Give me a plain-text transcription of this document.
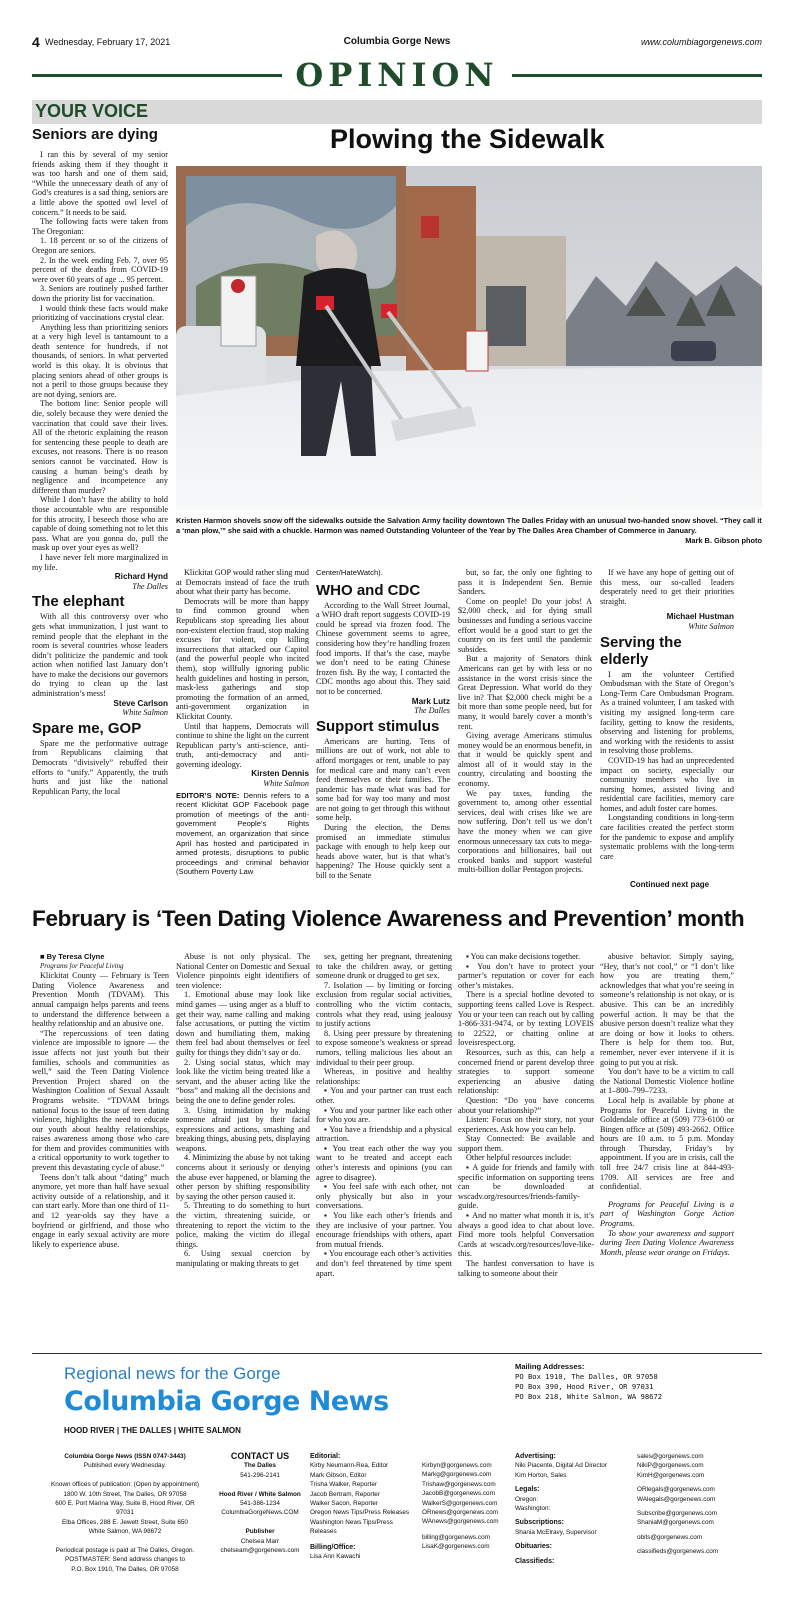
4 Wednesday, February 17, 2021	Columbia Gorge News	www.columbiagorgenews.com
OPINION
YOUR VOICE
Seniors are dying

I ran this by several of my senior friends asking them if they thought it was too harsh and one of them said, “While the unnecessary death of any of God’s creatures is a sad thing, seniors are a little above the spotted owl level of concern.” It needs to be said.

The following facts were taken from The Oregonian:

1. 18 percent or so of the citizens of Oregon are seniors.

2. In the week ending Feb. 7, over 95 percent of the deaths from COVID-19 were over 60 years of age ... 95 percent.

3. Seniors are routinely pushed farther down the priority list for vaccination.

I would think these facts would make prioritizing of vaccinations crystal clear.

Anything less than prioritizing seniors at a very high level is tantamount to a death sentence for hundreds, if not thousands, of seniors. In what perverted world is this okay. It is obvious that placing seniors ahead of other groups is not a peril to those groups because they are not dying, seniors are.

The bottom line: Senior people will die, solely because they were denied the vaccination that could save their lives. All of the rhetoric explaining the reason for sentencing these people to death are excuses, not reasons. There is no reason seniors cannot be vaccinated. How is causing a human being’s death by negligence and incompetence any different than murder?

While I don’t have the ability to hold those accountable who are responsible for this atrocity, I beseech those who are capable of doing something not to let this pass. What are you gonna do, pull the mask up over your eyes as well?

I have never felt more marginalized in my life.

Richard Hynd

The Dalles

The elephant

With all this controversy over who gets what immunization, I just want to remind people that the elephant in the room is several countries whose leaders didn’t politicize the pandemic and took action when notified last January don’t have to make the decisions our governors do trying to clean up the last administration’s mess!

Steve Carlson

White Salmon

Spare me, GOP

Spare me the performative outrage from Republicans claiming that Democrats “divisively” rebuffed their efforts to “unify.” Apparently, the truth hurts and just like the national Republican Party, the local

Plowing the Sidewalk
Kristen Harmon shovels snow off the sidewalks outside the Salvation Army facility downtown The Dalles Friday with an unusual two-handed snow shovel. “They call it a ‘man plow,’” she said with a chuckle. Harmon was named Outstanding Volunteer of the Year by The Dalles Area Chamber of Commerce in January.
Mark B. Gibson photo

Klickitat GOP would rather sling mud at Democrats instead of face the truth about what their party has become.

Democrats will be more than happy to find common ground when Republicans stop spreading lies about non-existent election fraud, stop making excuses for violent, cop killing insurrections that attacked our Capitol (and the powerful people who incited them), stop willfully ignoring public health guidelines and hosting in person, mask-less gatherings and stop promoting the formation of an armed, anti-government organization in Klickitat County.

Until that happens, Democrats will continue to shine the light on the current Republican party’s anti-science, anti-truth, anti-democracy and anti-governing ideology.

Kirsten Dennis

White Salmon

EDITOR’S NOTE: Dennis refers to a recent Klickitat GOP Facebook page promotion of meetings of the anti-government People’s Rights movement, an organization that since April has hosted and participated in armed protests, disruptions to public proceedings and criminal behavior (Southern Poverty Law

Center/HateWatch).

WHO and CDC

According to the Wall Street Journal, a WHO draft report suggests COVID-19 could be spread via frozen food. The Chinese government seems to agree, considering how they’re handling frozen food imports. If that’s the case, maybe we don’t need to be eating Chinese frozen fish. By the way, I contacted the CDC months ago about this. They said not to be concerned.

Mark Lutz

The Dalles

Support stimulus

Americans are hurting. Tens of millions are out of work, not able to afford mortgages or rent, unable to pay for medical care and many can’t even feed themselves or their families. The pandemic has made what was bad for some bad for way too many and most are not going to get through this without some help.

During the election, the Dems promised an immediate stimulus package with enough to help keep our heads above water, but is that what’s happening? The House quickly sent a bill to the Senate

but, so far, the only one fighting to pass it is Independent Sen. Bernie Sanders.

Come on people! Do your jobs! A $2,000 check, aid for dying small businesses and funding a serious vaccine effort would be a good start to get the country on its feet until the pandemic subsides.

But a majority of Senators think Americans can get by with less or no assistance in the worst crisis since the Great Depression. What world do they live in? That $2,000 check might be a bit more than some people need, but for many, it would barely cover a month’s rent.

Giving average Americans stimulus money would be an enormous benefit, in that it would be quickly spent and almost all of it would stay in the country, circulating and boosting the economy.

We pay taxes, funding the government to, among other essential services, deal with crises like we are now suffering. Don’t tell us we don’t have the money when we can give enormous unnecessary tax cuts to mega-corporations and billionaires, bail out crooked banks and support wasteful multi-billion dollar Pentagon projects.

If we have any hope of getting out of this mess, our so-called leaders desperately need to get their priorities straight.

Michael Hustman

White Salmon

Serving the elderly

I am the volunteer Certified Ombudsman with the State of Oregon’s Long-Term Care Ombudsman Program. As a trained volunteer, I am tasked with visiting my assigned long-term care facility, getting to know the residents, observing and listening for problems, and working with the residents to assist in resolving those problems.

COVID-19 has had an unprecedented impact on society, especially our community members who live in nursing homes, assisted living and residential care facilities, memory care homes, and adult foster care homes.

Longstanding conditions in long-term care facilities created the perfect storm for the pandemic to expose and amplify systematic problems with the long-term care

Continued next page
February is ‘Teen Dating Violence Awareness and Prevention’ month

■ By Teresa Clyne

Programs for Peaceful Living

Klickitat County — February is Teen Dating Violence Awareness and Prevention Month (TDVAM). This annual campaign helps parents and teens to understand the difference between a healthy relationship and an abusive one.

“The repercussions of teen dating violence are impossible to ignore — the issue affects not just youth but their families, schools and communities as well,” said the Teen Dating Violence Prevention Project shared on the Washington Coalition of Sexual Assault Programs website. “TDVAM brings national focus to the issue of teen dating violence, highlights the need to educate our youth about healthy relationships, raises awareness among those who care for them and provides communities with a critical opportunity to work together to prevent this devastating cycle of abuse.”

Teens don’t talk about “dating” much anymore, yet more than half have sexual activity outside of a relationship, and it can start early. More than one third of 11- and 12 year-olds say they have a boyfriend or girlfriend, and those who engage in early sexual activity are more likely to experience abuse.

Abuse is not only physical. The National Center on Domestic and Sexual Violence pinpoints eight identifiers of teen violence:

1. Emotional abuse may look like mind games — using anger as a bluff to get their way, name calling and making false accusations, or putting the victim down and humiliating them, making them feel bad about themselves or feel guilty for things they didn’t say or do.

2. Using social status, which may look like the victim being treated like a servant, and the abuser acting like the “boss” and making all the decisions and being the one to define gender roles.

3. Using intimidation by making someone afraid just by their facial expressions and actions, smashing and breaking things, abusing pets, displaying weapons.

4. Minimizing the abuse by not taking concerns about it seriously or denying the abuse ever happened, or blaming the other person by shifting responsibility by saying the other person caused it.

5. Threating to do something to hurt the victim, threatening suicide, or threatening to report the victim to the police, making the victim do illegal things.

6. Using sexual coercion by manipulating or making threats to get

sex, getting her pregnant, threatening to take the children away, or getting someone drunk or drugged to get sex.

7. Isolation — by limiting or forcing exclusion from regular social activities, controlling who the victim contacts, controls what they read, using jealousy to justify actions

8. Using peer pressure by threatening to expose someone’s weakness or spread rumors, telling malicious lies about an individual to their peer group.

Whereas, in positive and healthy relationships:

▪ You and your partner can trust each other.

▪ You and your partner like each other for who you are.

▪ You have a friendship and a physical attraction.

▪ You treat each other the way you want to be treated and accept each other’s interests and opinions (you can agree to disagree).

▪ You feel safe with each other, not only physically but also in your conversations.

▪ You like each other’s friends and they are inclusive of your partner. You encourage friendships with others, apart from mutual friends.

▪ You encourage each other’s activities and don’t feel threatened by time spent apart.

▪ You can make decisions together.

▪ You don’t have to protect your partner’s reputation or cover for each other’s mistakes.

There is a special hotline devoted to supporting teens called Love is Respect. You or your teen can reach out by calling 1-866-331-9474, or by texting LOVEIS to 22522, or chatting online at loveisrespect.org.

Resources, such as this, can help a concerned friend or parent develop three strategies to support someone experiencing an abusive dating relationship:

Question: “Do you have concerns about your relationship?”

Listen: Focus on their story, not your experiences. Ask how you can help.

Stay Connected: Be available and support them.

Other helpful resources include:

▪ A guide for friends and family with specific information on supporting teens can be downloaded at wscadv.org/resources/friends-family-guide.

▪ And no matter what month it is, it’s always a good idea to chat about love. Find more tools helpful Conversation Cards at wscadv.org/resources/love-like-this.

The hardest conversation to have is talking to someone about their

abusive behavior. Simply saying, “Hey, that’s not cool,” or “I don’t like how you are treating them,” acknowledges that what you’re seeing in someone’s relationship is not okay, or is abusive. This can be an incredibly powerful action. It may be that the abusive person doesn’t realize what they are doing or how it looks to others. There is help for them too. But, remember, never ever intervene if it is going to put you at risk.

You don’t have to be a victim to call the National Domestic Violence hotline at 1–800–799–7233.

Local help is available by phone at Programs for Peaceful Living in the Goldendale office at (509) 773-6100 or Bingen office at (509) 493-2662. Office hours are 10 a.m. to 5 p.m. Monday through Thursday, Friday’s by appointment. If you are in crisis, call the toll free 24/7 crisis line at 844-493-1709. All services are free and confidential.

Programs for Peaceful Living is a part of Washington Gorge Action Programs.

To show your awareness and support during Teen Dating Violence Awareness Month, please wear orange on Fridays.

Regional news for the Gorge
Columbia Gorge News
HOOD RIVER | THE DALLES | WHITE SALMON
Mailing Addresses:
PO Box 1910, The Dalles, OR 97058
PO Box 390, Hood River, OR 97031
PO Box 218, White Salmon, WA 98672
Columbia Gorge News (ISSN 0747-3443)
Published every Wednesday.

Known offices of publication: (Open by appointment)
1800 W. 10th Street, The Dalles, OR 97058
600 E. Port Marina Way, Suite B, Hood River, OR 97031
Elba Offices, 288 E. Jewett Street, Suite 650
White Salmon, WA 98672

Periodical postage is paid at The Dalles, Oregon.
POSTMASTER: Send address changes to
P.O. Box 1910, The Dalles, OR 97058
CONTACT US
The Dalles
541-296-2141

Hood River / White Salmon
541-386-1234
ColumbiaGorgeNews.COM

Publisher
Chelsea Marr
chelseam@gorgenews.com
Editorial:
Kirby Neumann-Rea, Editor
Mark Gibson, Editor
Trisha Walker, Reporter
Jacob Bertram, Reporter
Walker Sacon, Reporter
Oregon News Tips/Press Releases
Washington News Tips/Press Releases
Billing/Office:
Lisa Ann Kawachi
Kirbyn@gorgenews.com
Markg@gorgenews.com
Trishaw@gorgenews.com
JacobB@gorgenews.com
WalkerS@gorgenews.com
ORnews@gorgenews.com
WAnews@gorgenews.com
billing@gorgenews.com
LisaK@gorgenews.com
Advertising:
Niki Piacente, Digital Ad Director
Kim Horton, Sales
Legals:
Oregon:
Washington:
Subscriptions:
Shania McElravy, Supervisor
Obituaries:
Classifieds:
sales@gorgenews.com
NikiP@gorgenews.com
KimH@gorgenews.com
ORlegals@gorgenews.com
WAlegals@gorgenews.com
Subscribe@gorgenews.com
ShaniaM@gorgenews.com
obits@gorgenews.com
classifieds@gorgenews.com
